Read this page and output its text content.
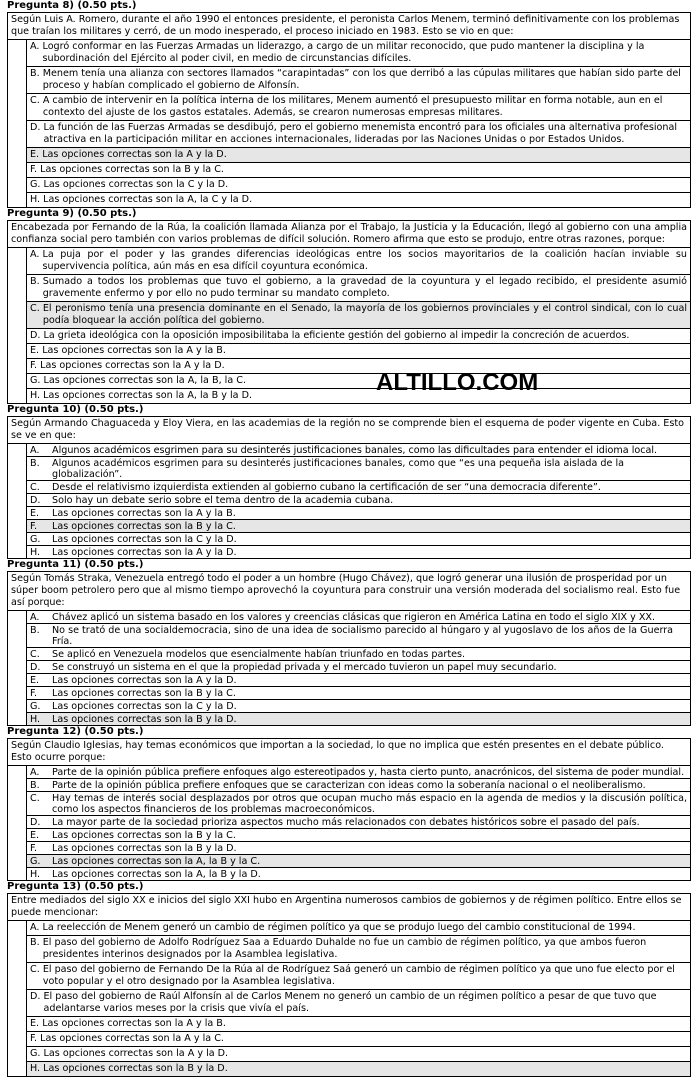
Pregunta 8) (0.50 pts.)
Según Luis A. Romero, durante el año 1990 el entonces presidente, el peronista Carlos Menem, terminó definitivamente con los problemas que traían los militares y cerró, de un modo inesperado, el proceso iniciado en 1983. Esto se vio en que:
A.
Logró conformar en las Fuerzas Armadas un liderazgo, a cargo de un militar reconocido, que pudo mantener la disciplina y la subordinación del Ejército al poder civil, en medio de circunstancias difíciles.
B.
Menem tenía una alianza con sectores llamados “carapintadas” con los que derribó a las cúpulas militares que habían sido parte del proceso y habían complicado el gobierno de Alfonsín.
C.
A cambio de intervenir en la política interna de los militares, Menem aumentó el presupuesto militar en forma notable, aun en el contexto del ajuste de los gastos estatales. Además, se crearon numerosas empresas militares.
D.
La función de las Fuerzas Armadas se desdibujó, pero el gobierno menemista encontró para los oficiales una alternativa profesional atractiva en la participación militar en acciones internacionales, lideradas por las Naciones Unidas o por Estados Unidos.
E.
Las opciones correctas son la A y la D.
F.
Las opciones correctas son la B y la C.
G.
Las opciones correctas son la C y la D.
H.
Las opciones correctas son la A, la C y la D.
Pregunta 9) (0.50 pts.)
Encabezada por Fernando de la Rúa, la coalición llamada Alianza por el Trabajo, la Justicia y la Educación, llegó al gobierno con una amplia confianza social pero también con varios problemas de difícil solución. Romero afirma que esto se produjo, entre otras razones, porque:
A.
La puja por el poder y las grandes diferencias ideológicas entre los socios mayoritarios de la coalición hacían inviable su supervivencia política, aún más en esa difícil coyuntura económica.
B.
Sumado a todos los problemas que tuvo el gobierno, a la gravedad de la coyuntura y el legado recibido, el presidente asumió gravemente enfermo y por ello no pudo terminar su mandato completo.
C.
El peronismo tenía una presencia dominante en el Senado, la mayoría de los gobiernos provinciales y el control sindical, con lo cual podía bloquear la acción política del gobierno.
D.
La grieta ideológica con la oposición imposibilitaba la eficiente gestión del gobierno al impedir la concreción de acuerdos.
E.
Las opciones correctas son la A y la B.
F.
Las opciones correctas son la A y la D.
G.
Las opciones correctas son la A, la B, la C.
H.
Las opciones correctas son la A, la B y la D.
Pregunta 10) (0.50 pts.)
Según Armando Chaguaceda y Eloy Viera, en las academias de la región no se comprende bien el esquema de poder vigente en Cuba. Esto se ve en que:
A.	Algunos académicos esgrimen para su desinterés justificaciones banales, como las dificultades para entender el idioma local.
B.	Algunos académicos esgrimen para su desinterés justificaciones banales, como que “es una pequeña isla aislada de la globalización”.
C.	Desde el relativismo izquierdista extienden al gobierno cubano la certificación de ser “una democracia diferente”.
D.	Solo hay un debate serio sobre el tema dentro de la academia cubana.
E.	Las opciones correctas son la A y la B.
F.	Las opciones correctas son la B y la C.
G.	Las opciones correctas son la C y la D.
H.	Las opciones correctas son la A y la D.
Pregunta 11) (0.50 pts.)
Según Tomás Straka, Venezuela entregó todo el poder a un hombre (Hugo Chávez), que logró generar una ilusión de prosperidad por un súper boom petrolero pero que al mismo tiempo aprovechó la coyuntura para construir una versión moderada del socialismo real. Esto fue así porque:
A.	Chávez aplicó un sistema basado en los valores y creencias clásicas que rigieron en América Latina en todo el siglo XIX y XX.
B.	No se trató de una socialdemocracia, sino de una idea de socialismo parecido al húngaro y al yugoslavo de los años de la Guerra Fría.
C.	Se aplicó en Venezuela modelos que esencialmente habían triunfado en todas partes.
D.	Se construyó un sistema en el que la propiedad privada y el mercado tuvieron un papel muy secundario.
E.	Las opciones correctas son la A y la D.
F.	Las opciones correctas son la B y la C.
G.	Las opciones correctas son la C y la D.
H.	Las opciones correctas son la B y la D.
Pregunta 12) (0.50 pts.)
Según Claudio Iglesias, hay temas económicos que importan a la sociedad, lo que no implica que estén presentes en el debate público. Esto ocurre porque:
A.	Parte de la opinión pública prefiere enfoques algo estereotipados y, hasta cierto punto, anacrónicos, del sistema de poder mundial.
B.	Parte de la opinión pública prefiere enfoques que se caracterizan con ideas como la soberanía nacional o el neoliberalismo.
C.	Hay temas de interés social desplazados por otros que ocupan mucho más espacio en la agenda de medios y la discusión política, como los aspectos financieros de los problemas macroeconómicos.
D.	La mayor parte de la sociedad prioriza aspectos mucho más relacionados con debates históricos sobre el pasado del país.
E.	Las opciones correctas son la B y la C.
F.	Las opciones correctas son la B y la D.
G.	Las opciones correctas son la A, la B y la C.
H.	Las opciones correctas son la A, la B y la D.
Pregunta 13) (0.50 pts.)
Entre mediados del siglo XX e inicios del siglo XXI hubo en Argentina numerosos cambios de gobiernos y de régimen político. Entre ellos se puede mencionar:
A.
La reelección de Menem generó un cambio de régimen político ya que se produjo luego del cambio constitucional de 1994.
B.
El paso del gobierno de Adolfo Rodríguez Saa a Eduardo Duhalde no fue un cambio de régimen político, ya que ambos fueron presidentes interinos designados por la Asamblea legislativa.
C.
El paso del gobierno de Fernando De la Rúa al de Rodríguez Saá generó un cambio de régimen político ya que uno fue electo por el voto popular y el otro designado por la Asamblea legislativa.
D.
El paso del gobierno de Raúl Alfonsín al de Carlos Menem no generó un cambio de un régimen político a pesar de que tuvo que adelantarse varios meses por la crisis que vivía el país.
E.
Las opciones correctas son la A y la B.
F.
Las opciones correctas son la A y la C.
G.
Las opciones correctas son la A y la D.
H.
Las opciones correctas son la B y la D.
ALTILLO.COM
